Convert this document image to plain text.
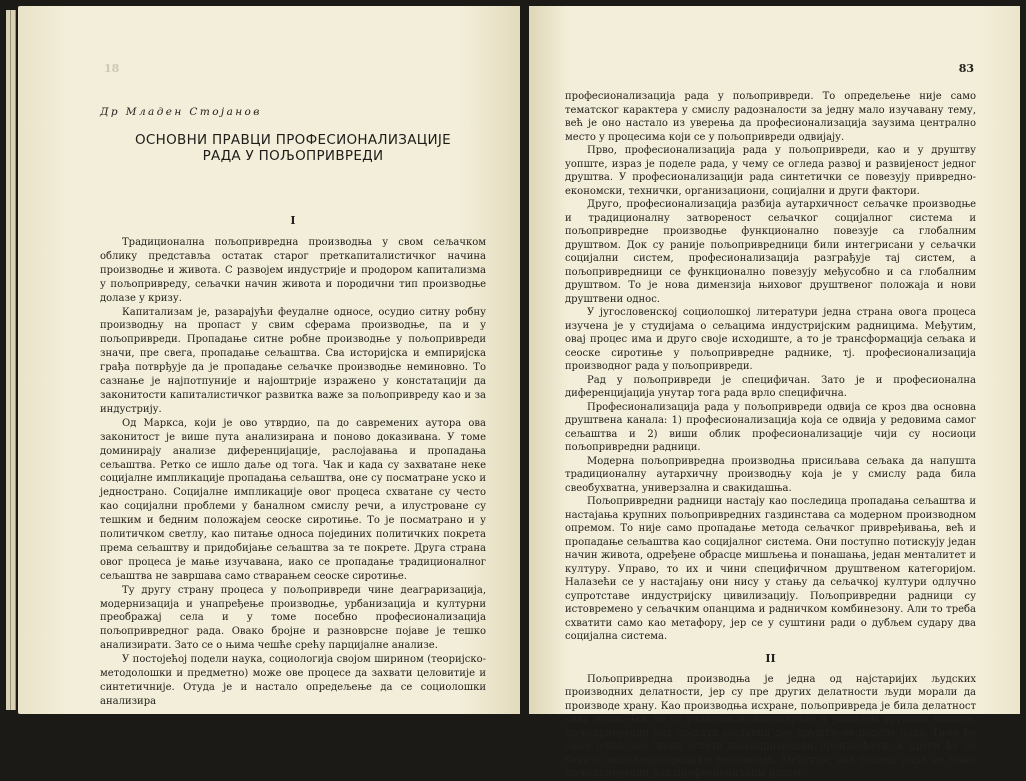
18

Др Младен Стојанов

ОСНОВНИ ПРАВЦИ ПРОФЕСИОНАЛИЗАЦИЈЕ
РАДА У ПОЉОПРИВРЕДИ
I

Традиционална пољопривредна производња у свом сељачком облику представља остатак старог преткапиталистичког начина производње и живота. С развојем индустрије и продором капитализма у пољопривреду, сељачки начин живота и породични тип производње долазе у кризу.

Капитализам је, разарајући феудалне односе, осудио ситну робну производњу на пропаст у свим сферама производње, па и у пољопривреди. Пропадање ситне робне производње у пољопривреди значи, пре свега, пропадање сељаштва. Сва историјска и емпиријска грађа потврђује да је пропадање сељачке производње неминовно. То сазнање је најпотпуније и најоштрије изражено у констатацији да законитости капиталистичког развитка важе за пољопривреду као и за индустрију.

Од Маркса, који је ово утврдио, па до савремених аутора ова законитост је више пута анализирана и поново доказивана. У томе доминирају анализе диференцијације, раслојавања и пропадања сељаштва. Ретко се ишло даље од тога. Чак и када су захватане неке социјалне импликације пропадања сељаштва, оне су посматране уско и једнострано. Социјалне импликације овог процеса схватане су често као социјални проблеми у баналном смислу речи, а илустроване су тешким и бедним положајем сеоске сиротиње. То је посматрано и у политичком светлу, као питање односа појединих политичких покрета према сељаштву и придобијање сељаштва за те покрете. Друга страна овог процеса је мање изучавана, иако се пропадање традиционалног сељаштва не завршава само стварањем сеоске сиротиње.

Ту другу страну процеса у пољопривреди чине деаграризација, модернизација и унапређење производње, урбанизација и културни преображај села и у томе посебно професионализација пољопривредног рада. Овако бројне и разноврсне појаве је тешко анализирати. Зато се о њима чешће срећу парцијалне анализе.

У постојећој подели наука, социологија својом ширином (теоријско-методолошки и предметно) може ове процесе да захвати целовитије и синтетичније. Отуда је и настало опредељење да се социолошки анализира

83

професионализација рада у пољопривреди. То опредељење није само тематског карактера у смислу радозналости за једну мало изучавану тему, већ је оно настало из уверења да професионализација заузима централно место у процесима који се у пољопривреди одвијају.

Прво, професионализација рада у пољопривреди, као и у друштву уопште, израз је поделе рада, у чему се огледа развој и развијеност једног друштва. У професионализацији рада синтетички се повезују привредно-економски, технички, организациони, социјални и други фактори.

Друго, професионализација разбија аутархичност сељачке производње и традиционалну затвореност сељачког социјалног система и пољопривредне производње функционално повезује са глобалним друштвом. Док су раније пољопривредници били интегрисани у сељачки социјални систем, професионализација разграђује тај систем, а пољопривредници се функционално повезују међусобно и са глобалним друштвом. То је нова димензија њиховог друштвеног положаја и нови друштвени однос.

У југословенској социолошкој литератури једна страна овога процеса изучена је у студијама о сељацима индустријским радницима. Међутим, овај процес има и друго своје исходиште, а то је трансформација сељака и сеоске сиротиње у пољопривредне раднике, тј. професионализација производног рада у пољопривреди.

Рад у пољопривреди је специфичан. Зато је и професионална диференцијација унутар тога рада врло специфична.

Професионализација рада у пољопривреди одвија се кроз два основна друштвена канала: 1) професионализација која се одвија у редовима самог сељаштва и 2) виши облик професионализације чији су носиоци пољопривредни радници.

Модерна пољопривредна производња присиљава сељака да напушта традиционалну аутархичну производњу која је у смислу рада била свеобухватна, универзална и свакидашња.

Пољопривредни радници настају као последица пропадања сељаштва и настајања крупних пољопривредних газдинстава са модерном производном опремом. То није само пропадање метода сељачког привређивања, већ и пропадање сељаштва као социјалног система. Они поступно потискују један начин живота, одређене обрасце мишљења и понашања, један менталитет и културу. Управо, то их и чини специфичном друштвеном категоријом. Налазећи се у настајању они нису у стању да сељачкој култури одлучно супротставе индустријску цивилизацију. Пољопривредни радници су истовремено у сељачким опанцима и радничком комбинезону. Али то треба схватити само као метафору, јер се у суштини ради о дубљем судару два социјална система.

II

Пољопривредна производња је једна од најстаријих људских производних делатности, јер су пре других делатности људи морали да производе храну. Као производња исхране, пољопривреда је била делатност свих људи. Тек ће са развојем пољопривреде и развојем друштва уопште, пољопривредни рад постати саставни део друштвене поделе рада. Тиме ће само један део људи остати пољопривредни произвођачи, а други ће се бавити непољопривредним пословима. Међутим, ова подела рада не чини пољопривредни рад професионалним радом.
